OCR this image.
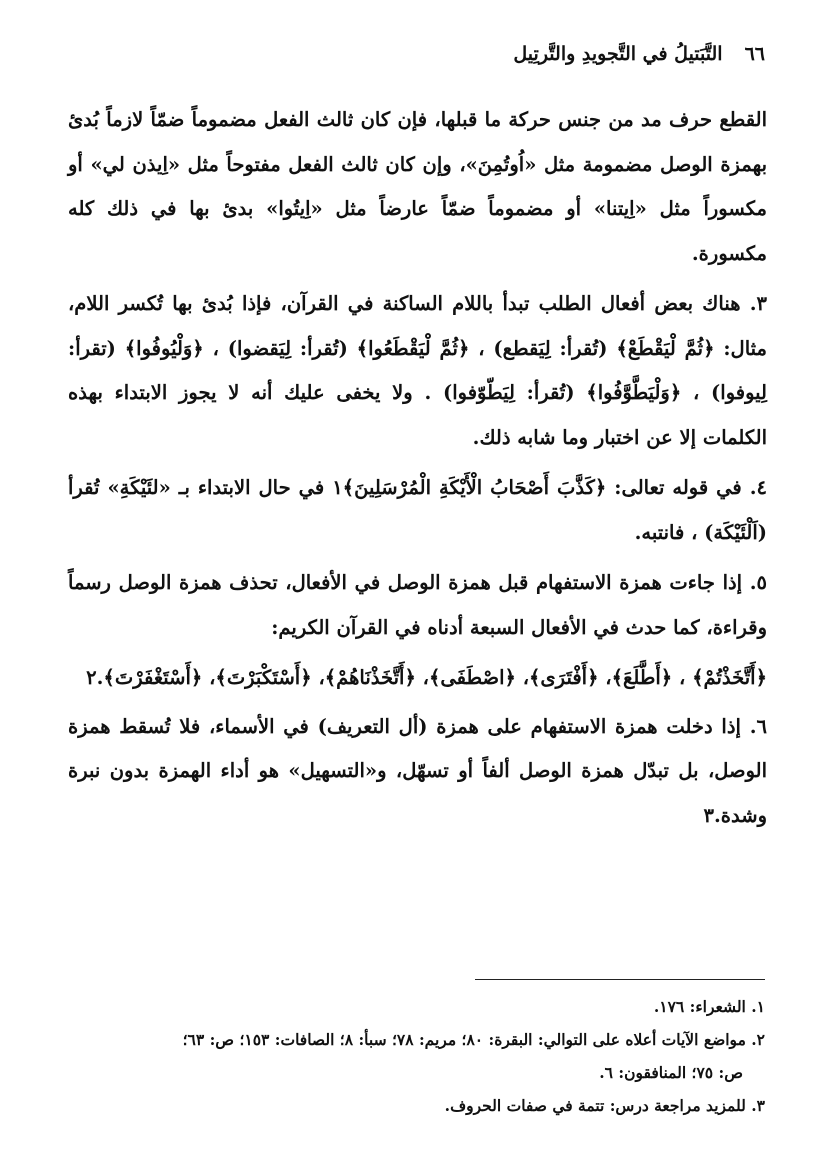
٦٦
التَّبَتيلُ في التَّجويدِ والتَّرتِيل

القطع حرف مد من جنس حركة ما قبلها، فإن كان ثالث الفعل مضموماً ضمّاً لازماً بُدئ بهمزة الوصل مضمومة مثل «اُوتُمِنَ»، وإن كان ثالث الفعل مفتوحاً مثل «اِيذن لي» أو مكسوراً مثل «اِيتنا» أو مضموماً ضمّاً عارضاً مثل «اِيتُوا» بدئ بها في ذلك كله مكسورة.

٣. هناك بعض أفعال الطلب تبدأ باللام الساكنة في القرآن، فإذا بُدئ بها تُكسر اللام، مثال: ﴿ثُمَّ لْيَقْطَعْ﴾ (تُقرأ: لِيَقطع) ، ﴿ثُمَّ لْيَقْطَعُوا﴾ (تُقرأ: لِيَقضوا) ، ﴿وَلْيُوفُوا﴾ (تقرأ: لِيوفوا) ، ﴿وَلْيَطَّوَّفُوا﴾ (تُقرأ: لِيَطّوّفوا) . ولا يخفى عليك أنه لا يجوز الابتداء بهذه الكلمات إلا عن اختبار وما شابه ذلك.

٤. في قوله تعالى: ﴿كَذَّبَ أَصْحَابُ الْأَيْكَةِ الْمُرْسَلِينَ﴾١ في حال الابتداء بـ «لئَيْكَةِ» تُقرأ (اَلْئَيْكَة) ، فانتبه.

٥. إذا جاءت همزة الاستفهام قبل همزة الوصل في الأفعال، تحذف همزة الوصل رسماً وقراءة، كما حدث في الأفعال السبعة أدناه في القرآن الكريم:

﴿أَتَّخَذْتُمْ﴾ ، ﴿أَطَّلَعَ﴾، ﴿أَفْتَرَى﴾، ﴿اصْطَفَى﴾، ﴿أَتَّخَذْنَاهُمْ﴾، ﴿أَسْتَكْبَرْتَ﴾، ﴿أَسْتَغْفَرْتَ﴾.٢

٦. إذا دخلت همزة الاستفهام على همزة (أل التعريف) في الأسماء، فلا تُسقط همزة الوصل، بل تبدّل همزة الوصل ألفاً أو تسهّل، و«التسهيل» هو أداء الهمزة بدون نبرة وشدة.٣

١. الشعراء: ١٧٦.
٢. مواضع الآيات أعلاه على التوالي: البقرة: ٨٠؛ مريم: ٧٨؛ سبأ: ٨؛ الصافات: ١٥٣؛ ص: ٦٣؛
ص: ٧٥؛ المنافقون: ٦.
٣. للمزيد مراجعة درس: تتمة في صفات الحروف.
